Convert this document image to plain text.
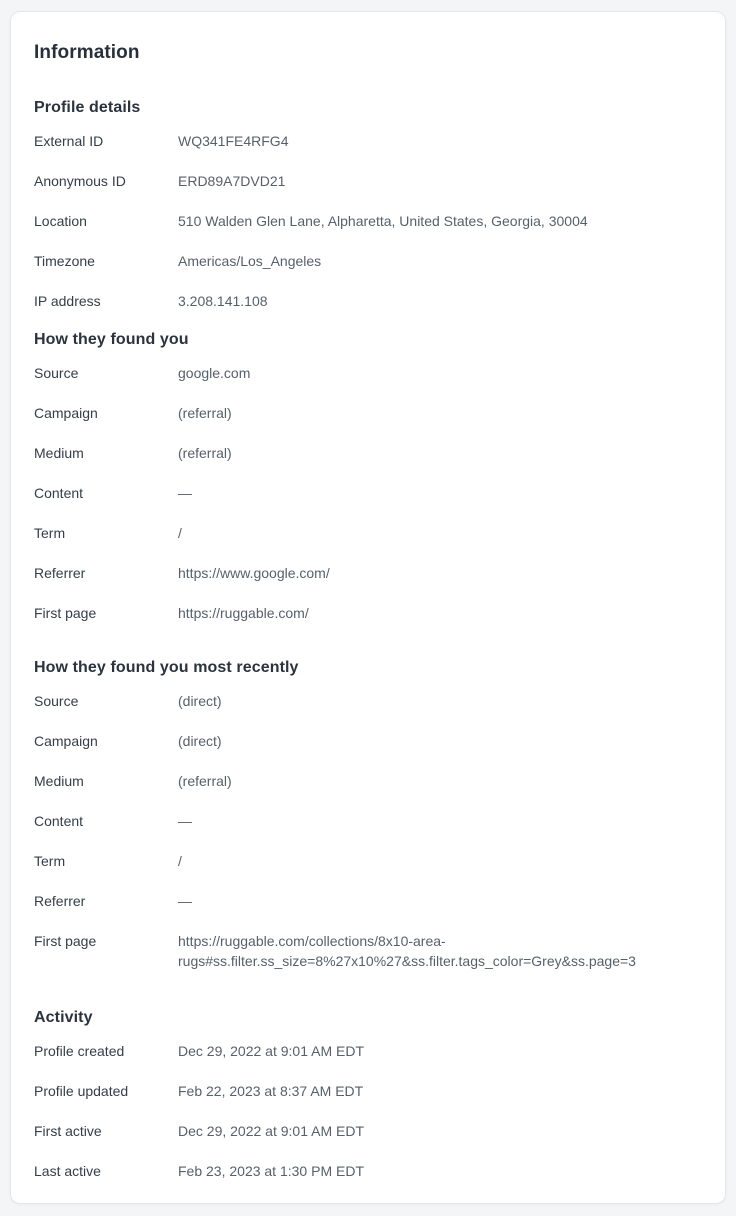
Information
Profile details
External ID	WQ341FE4RFG4
Anonymous ID	ERD89A7DVD21
Location	510 Walden Glen Lane, Alpharetta, United States, Georgia, 30004
Timezone	Americas/Los_Angeles
IP address	3.208.141.108
How they found you
Source	google.com
Campaign	(referral)
Medium	(referral)
Content	—
Term	/
Referrer	https://www.google.com/
First page	https://ruggable.com/
How they found you most recently
Source	(direct)
Campaign	(direct)
Medium	(referral)
Content	—
Term	/
Referrer	—
First page	https://ruggable.com/collections/8x10-area-rugs#ss.filter.ss_size=8%27x10%27&ss.filter.tags_color=Grey&ss.page=3
Activity
Profile created	Dec 29, 2022 at 9:01 AM EDT
Profile updated	Feb 22, 2023 at 8:37 AM EDT
First active	Dec 29, 2022 at 9:01 AM EDT
Last active	Feb 23, 2023 at 1:30 PM EDT
